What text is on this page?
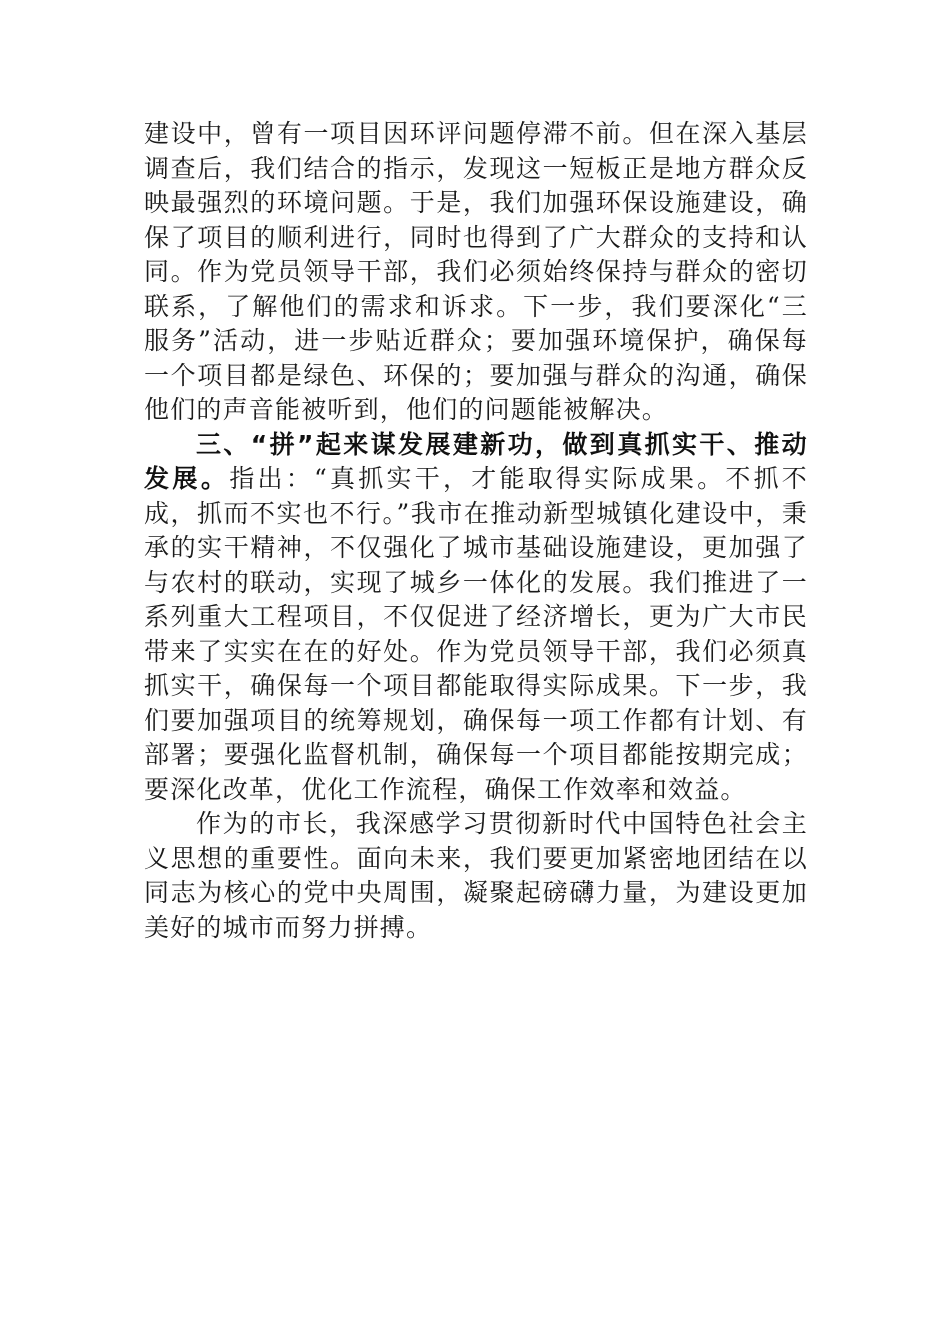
建设中，曾有一项目因环评问题停滞不前。但在深入基层调查后，我们结合的指示，发现这一短板正是地方群众反映最强烈的环境问题。于是，我们加强环保设施建设，确保了项目的顺利进行，同时也得到了广大群众的支持和认同。作为党员领导干部，我们必须始终保持与群众的密切联系，了解他们的需求和诉求。下一步，我们要深化“三服务”活动，进一步贴近群众；要加强环境保护，确保每一个项目都是绿色、环保的；要加强与群众的沟通，确保他们的声音能被听到，他们的问题能被解决。

三、“拼”起来谋发展建新功，做到真抓实干、推动发展。指出：“真抓实干，才能取得实际成果。不抓不成，抓而不实也不行。”我市在推动新型城镇化建设中，秉承的实干精神，不仅强化了城市基础设施建设，更加强了与农村的联动，实现了城乡一体化的发展。我们推进了一系列重大工程项目，不仅促进了经济增长，更为广大市民带来了实实在在的好处。作为党员领导干部，我们必须真抓实干，确保每一个项目都能取得实际成果。下一步，我们要加强项目的统筹规划，确保每一项工作都有计划、有部署；要强化监督机制，确保每一个项目都能按期完成；要深化改革，优化工作流程，确保工作效率和效益。

作为的市长，我深感学习贯彻新时代中国特色社会主义思想的重要性。面向未来，我们要更加紧密地团结在以同志为核心的党中央周围，凝聚起磅礴力量，为建设更加美好的城市而努力拼搏。
